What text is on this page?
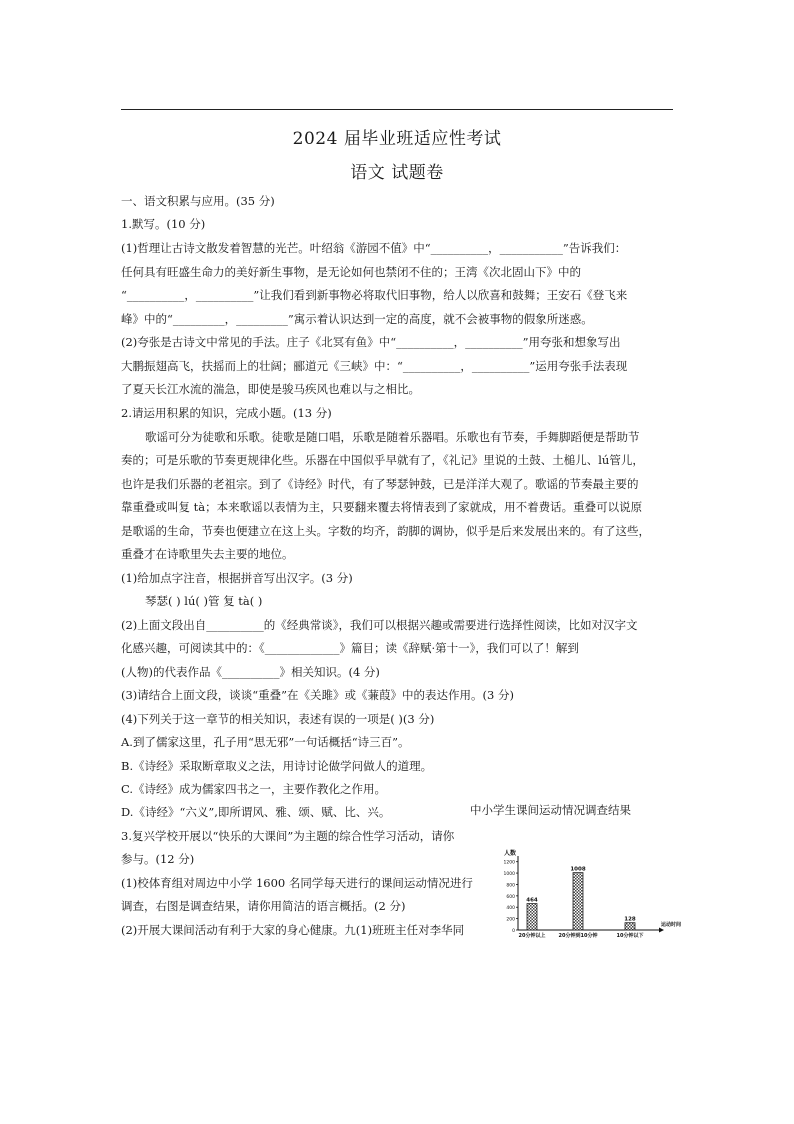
2024 届毕业班适应性考试
语文 试题卷
一、语文积累与应用。(35 分)
1.默写。(10 分)
(1)哲理让古诗文散发着智慧的光芒。叶绍翁《游园不值》中“__________，___________”告诉我们：
任何具有旺盛生命力的美好新生事物，是无论如何也禁闭不住的；王湾《次北固山下》中的
“__________，__________”让我们看到新事物必将取代旧事物，给人以欣喜和鼓舞；王安石《登飞来
峰》中的“_________，_________”寓示着认识达到一定的高度，就不会被事物的假象所迷惑。
(2)夸张是古诗文中常见的手法。庄子《北冥有鱼》中“__________，__________”用夸张和想象写出
大鹏振翅高飞，扶摇而上的壮阔；郦道元《三峡》中：“__________，__________”运用夸张手法表现
了夏天长江水流的湍急，即使是骏马疾风也难以与之相比。
2.请运用积累的知识，完成小题。(13 分)
歌谣可分为徒歌和乐歌。徒歌是随口唱，乐歌是随着乐器唱。乐歌也有节奏，手舞脚蹈便是帮助节
奏的；可是乐歌的节奏更规律化些。乐器在中国似乎早就有了，《礼记》里说的土鼓、土槌儿、lú管儿，
也许是我们乐器的老祖宗。到了《诗经》时代，有了琴瑟钟鼓，已是洋洋大观了。歌谣的节奏最主要的
靠重叠或叫复 tà；本来歌谣以表情为主，只要翻来覆去将情表到了家就成，用不着费话。重叠可以说原
是歌谣的生命，节奏也便建立在这上头。字数的均齐，韵脚的调协，似乎是后来发展出来的。有了这些，
重叠才在诗歌里失去主要的地位。
(1)给加点字注音，根据拼音写出汉字。(3 分)
琴瑟( ) lú( )管 复 tà( )
(2)上面文段出自__________的《经典常谈》，我们可以根据兴趣或需要进行选择性阅读，比如对汉字文
化感兴趣，可阅读其中的：《_____________》篇目；读《辞赋·第十一》，我们可以了！解到
(人物)的代表作品《__________》相关知识。(4 分)
(3)请结合上面文段，谈谈“重叠”在《关雎》或《蒹葭》中的表达作用。(3 分)
(4)下列关于这一章节的相关知识，表述有误的一项是( )(3 分)
A.到了儒家这里，孔子用“思无邪”一句话概括“诗三百”。
B.《诗经》采取断章取义之法，用诗讨论做学问做人的道理。
C.《诗经》成为儒家四书之一，主要作教化之作用。
D.《诗经》“六义”,即所谓风、雅、颂、赋、比、兴。
3.复兴学校开展以“快乐的大课间”为主题的综合性学习活动，请你
参与。(12 分)
(1)校体育组对周边中小学 1600 名同学每天进行的课间运动情况进行
调查，右图是调查结果，请你用简洁的语言概括。(2 分)
(2)开展大课间活动有利于大家的身心健康。九(1)班班主任对李华同
中小学生课间运动情况调查结果
人数
运动时间
0
200
400
600
800
1000
1200
464
20分钟以上
1008
20分钟到10分钟
128
10分钟以下
